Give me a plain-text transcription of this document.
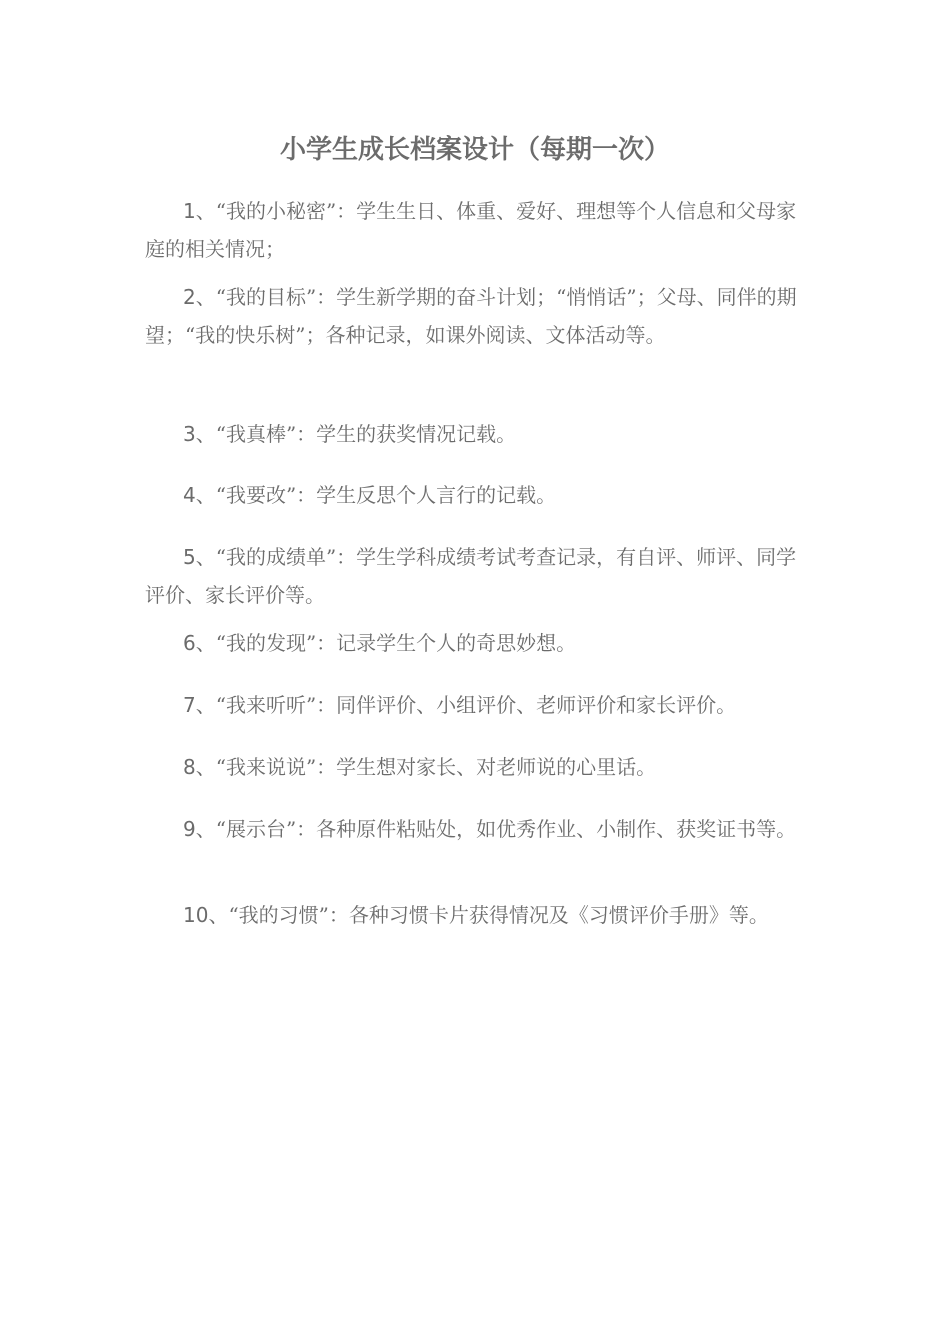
小学生成长档案设计（每期一次）

1、“我的小秘密”：学生生日、体重、爱好、理想等个人信息和父母家庭的相关情况；

2、“我的目标”：学生新学期的奋斗计划；“悄悄话”；父母、同伴的期望；“我的快乐树”；各种记录，如课外阅读、文体活动等。

3、“我真棒”：学生的获奖情况记载。

4、“我要改”：学生反思个人言行的记载。

5、“我的成绩单”：学生学科成绩考试考查记录，有自评、师评、同学评价、家长评价等。

6、“我的发现”：记录学生个人的奇思妙想。

7、“我来听听”：同伴评价、小组评价、老师评价和家长评价。

8、“我来说说”：学生想对家长、对老师说的心里话。

9、“展示台”：各种原件粘贴处，如优秀作业、小制作、获奖证书等。

10、“我的习惯”：各种习惯卡片获得情况及《习惯评价手册》等。
